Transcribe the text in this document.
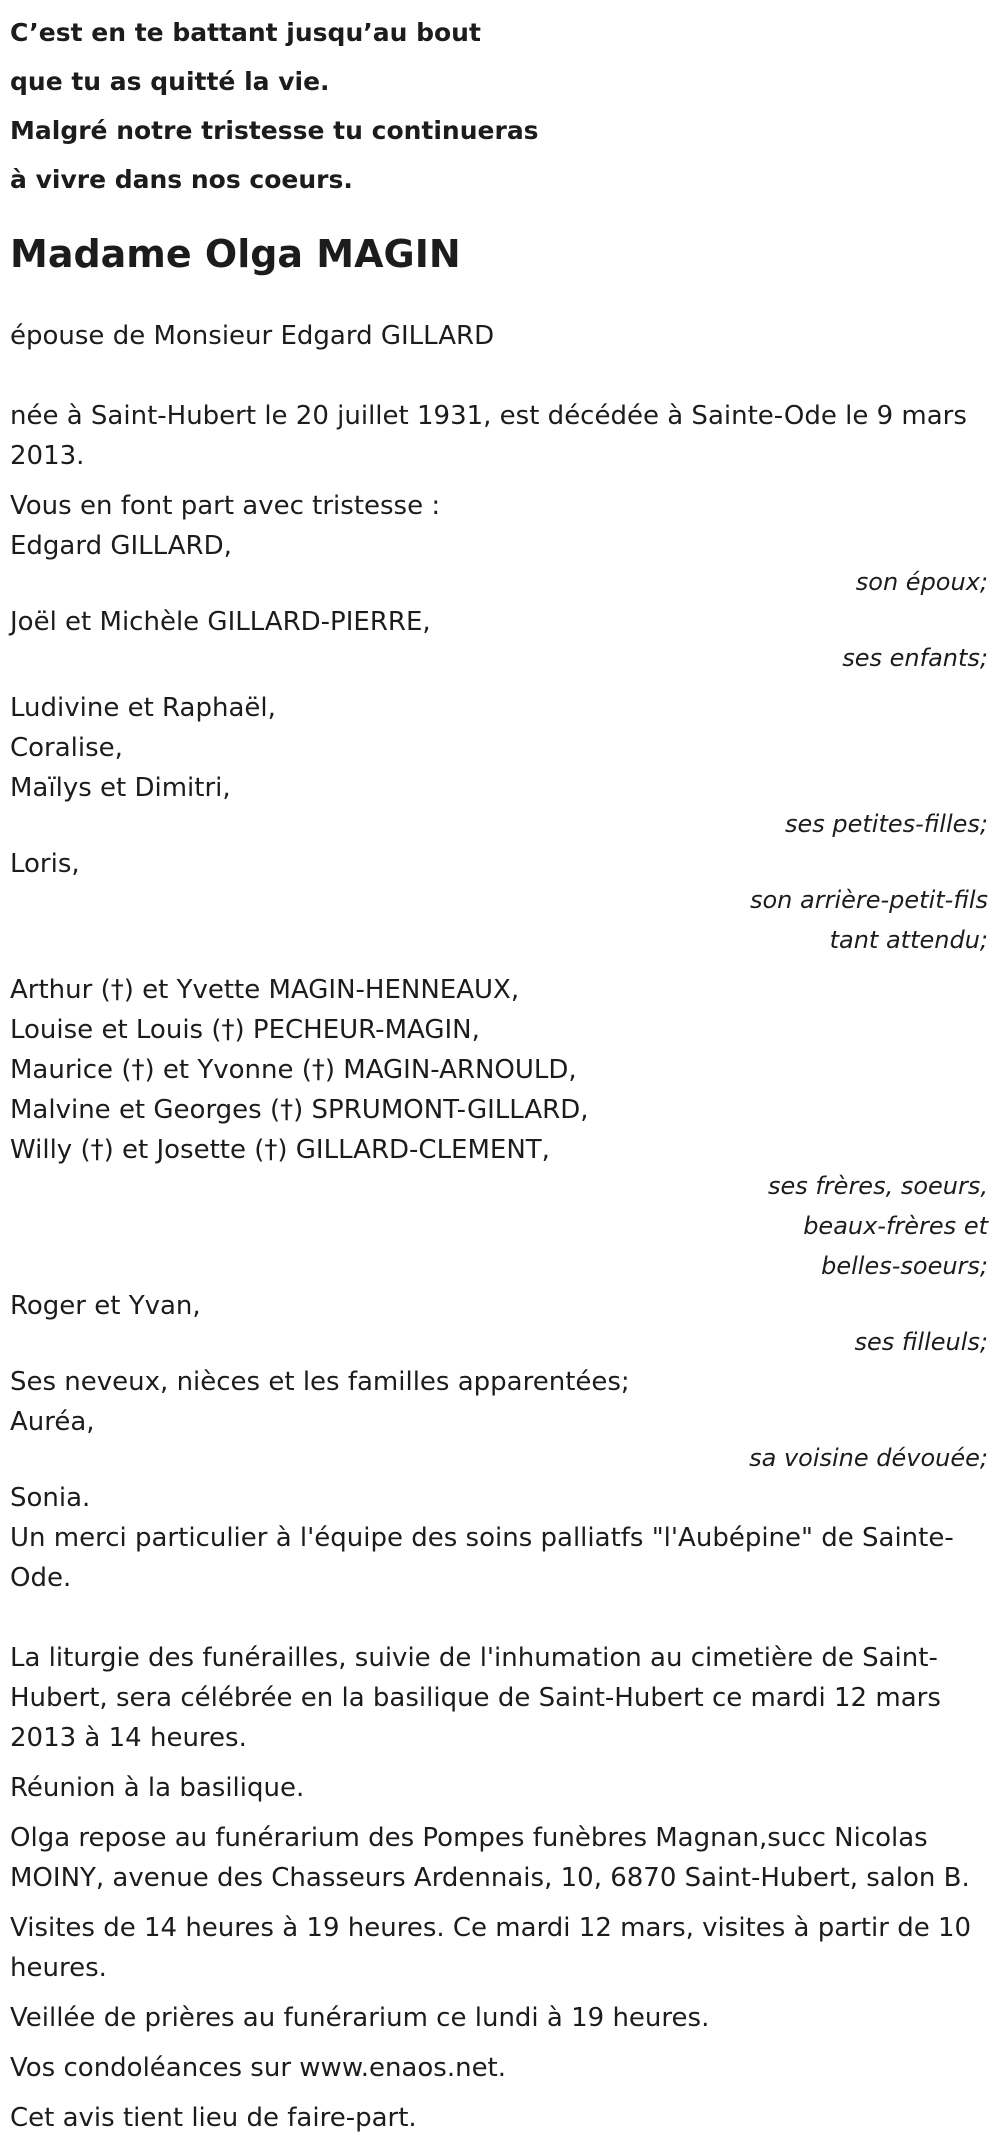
C’est en te battant jusqu’au bout

que tu as quitté la vie.

Malgré notre tristesse tu continueras

à vivre dans nos coeurs.

Madame Olga MAGIN

épouse de Monsieur Edgard GILLARD

née à Saint-Hubert le 20 juillet 1931, est décédée à Sainte-Ode le 9 mars 2013.

Vous en font part avec tristesse :

Edgard GILLARD,

son époux;

Joël et Michèle GILLARD-PIERRE,

ses enfants;

Ludivine et Raphaël,

Coralise,

Maïlys et Dimitri,

ses petites-filles;

Loris,

son arrière-petit-fils

tant attendu;

Arthur (†) et Yvette MAGIN-HENNEAUX,

Louise et Louis (†) PECHEUR-MAGIN,

Maurice (†) et Yvonne (†) MAGIN-ARNOULD,

Malvine et Georges (†) SPRUMONT-GILLARD,

Willy (†) et Josette (†) GILLARD-CLEMENT,

ses frères, soeurs,

beaux-frères et

belles-soeurs;

Roger et Yvan,

ses filleuls;

Ses neveux, nièces et les familles apparentées;

Auréa,

sa voisine dévouée;

Sonia.

Un merci particulier à l'équipe des soins palliatfs "l'Aubépine" de Sainte-Ode.

La liturgie des funérailles, suivie de l'inhumation au cimetière de Saint-Hubert, sera célébrée en la basilique de Saint-Hubert ce mardi 12 mars 2013 à 14 heures.

Réunion à la basilique.

Olga repose au funérarium des Pompes funèbres Magnan,succ Nicolas MOINY, avenue des Chasseurs Ardennais, 10, 6870 Saint-Hubert, salon B.

Visites de 14 heures à 19 heures. Ce mardi 12 mars, visites à partir de 10 heures.

Veillée de prières au funérarium ce lundi à 19 heures.

Vos condoléances sur www.enaos.net.

Cet avis tient lieu de faire-part.
